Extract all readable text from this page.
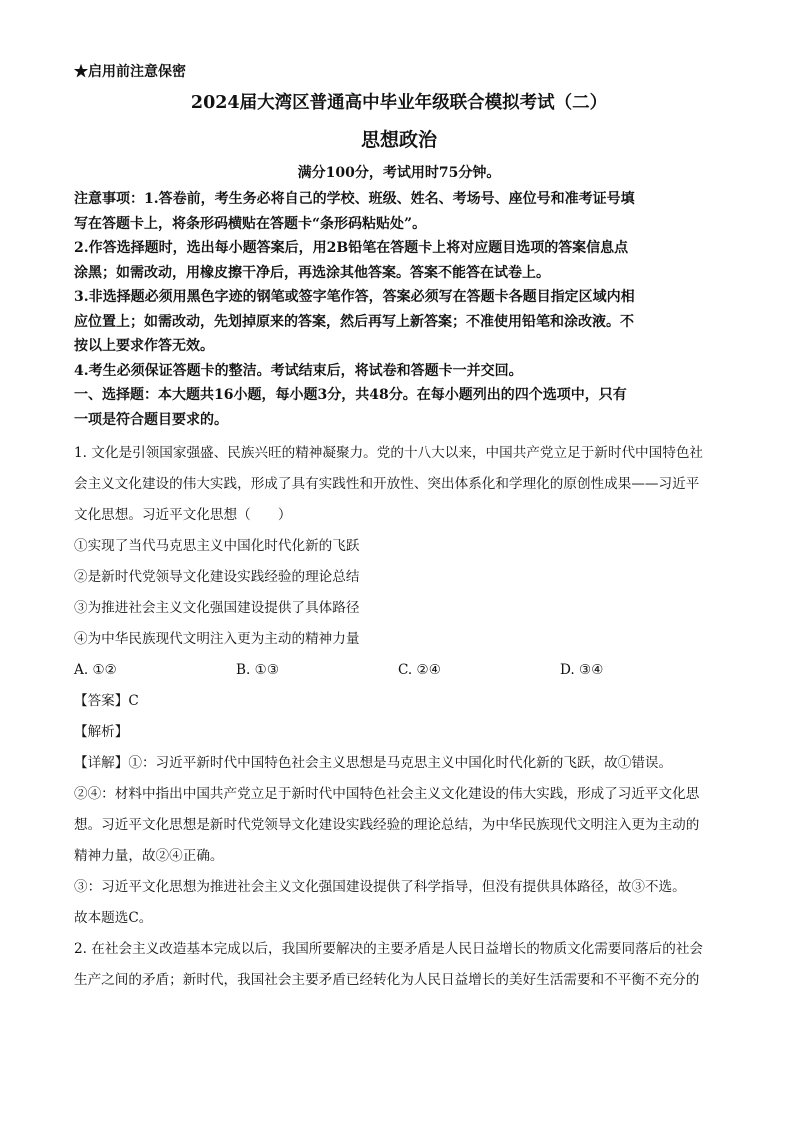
★启用前注意保密
2024届大湾区普通高中毕业年级联合模拟考试（二）
思想政治
满分100分，考试用时75分钟。
注意事项：1.答卷前，考生务必将自己的学校、班级、姓名、考场号、座位号和准考证号填
写在答题卡上，将条形码横贴在答题卡“条形码粘贴处”。
2.作答选择题时，选出每小题答案后，用2B铅笔在答题卡上将对应题目选项的答案信息点
涂黑；如需改动，用橡皮擦干净后，再选涂其他答案。答案不能答在试卷上。
3.非选择题必须用黑色字迹的钢笔或签字笔作答，答案必须写在答题卡各题目指定区域内相
应位置上；如需改动，先划掉原来的答案，然后再写上新答案；不准使用铅笔和涂改液。不
按以上要求作答无效。
4.考生必须保证答题卡的整洁。考试结束后，将试卷和答题卡一并交回。
一、选择题：本大题共16小题，每小题3分，共48分。在每小题列出的四个选项中，只有
一项是符合题目要求的。
1. 文化是引领国家强盛、民族兴旺的精神凝聚力。党的十八大以来，中国共产党立足于新时代中国特色社
会主义文化建设的伟大实践，形成了具有实践性和开放性、突出体系化和学理化的原创性成果——习近平
文化思想。习近平文化思想（　　）
①实现了当代马克思主义中国化时代化新的飞跃
②是新时代党领导文化建设实践经验的理论总结
③为推进社会主义文化强国建设提供了具体路径
④为中华民族现代文明注入更为主动的精神力量
A. ①②	B. ①③	C. ②④	D. ③④
【答案】C
【解析】
【详解】①：习近平新时代中国特色社会主义思想是马克思主义中国化时代化新的飞跃，故①错误。
②④：材料中指出中国共产党立足于新时代中国特色社会主义文化建设的伟大实践，形成了习近平文化思
想。习近平文化思想是新时代党领导文化建设实践经验的理论总结，为中华民族现代文明注入更为主动的
精神力量，故②④正确。
③：习近平文化思想为推进社会主义文化强国建设提供了科学指导，但没有提供具体路径，故③不选。
故本题选C。
2. 在社会主义改造基本完成以后，我国所要解决的主要矛盾是人民日益增长的物质文化需要同落后的社会
生产之间的矛盾；新时代，我国社会主要矛盾已经转化为人民日益增长的美好生活需要和不平衡不充分的
